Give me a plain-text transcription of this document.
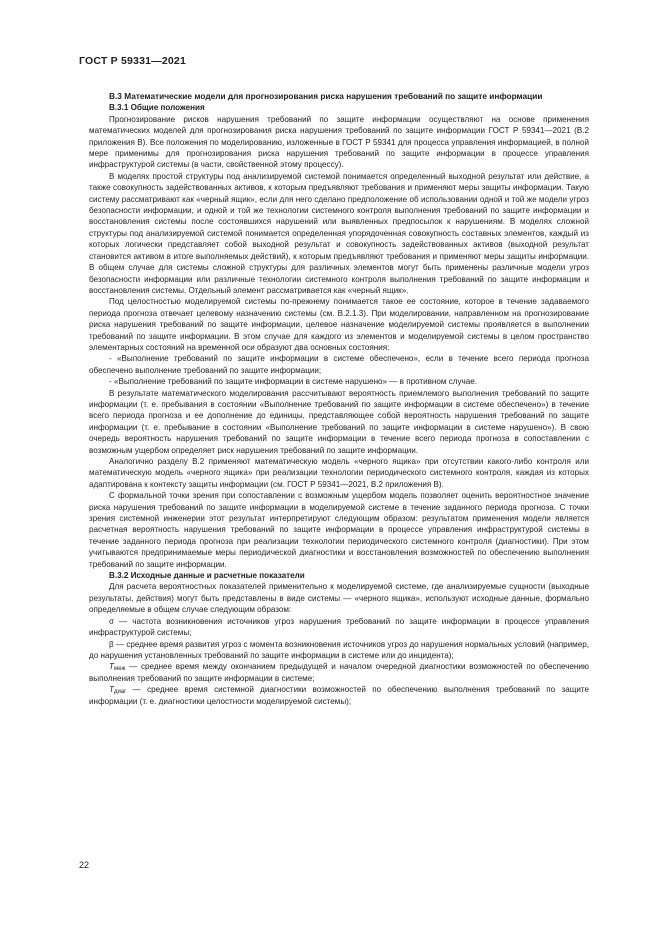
ГОСТ Р 59331—2021
В.3 Математические модели для прогнозирования риска нарушения требований по защите информации
В.3.1 Общие положения

Прогнозирование рисков нарушения требований по защите информации осуществляют на основе применения математических моделей для прогнозирования риска нарушения требований по защите информации ГОСТ Р 59341—2021 (В.2 приложения В). Все положения по моделированию, изложенные в ГОСТ Р 59341 для процесса управления информацией, в полной мере применимы для прогнозирования риска нарушения требований по защите информации в процессе управления инфраструктурой системы (в части, свойственной этому процессу).

В моделях простой структуры под анализируемой системой понимается определенный выходной результат или действие, а также совокупность задействованных активов, к которым предъявляют требования и применяют меры защиты информации. Такую систему рассматривают как «черный ящик», если для него сделано предположение об использовании одной и той же модели угроз безопасности информации, и одной и той же технологии системного контроля выполнения требований по защите информации и восстановления системы после состоявшихся нарушений или выявленных предпосылок к нарушениям. В моделях сложной структуры под анализируемой системой понимается определенная упорядоченная совокупность составных элементов, каждый из которых логически представляет собой выходной результат и совокупность задействованных активов (выходной результат становится активом в итоге выполняемых действий), к которым предъявляют требования и применяют меры защиты информации. В общем случае для системы сложной структуры для различных элементов могут быть применены различные модели угроз безопасности информации или различные технологии системного контроля выполнения требований по защите информации и восстановления системы. Отдельный элемент рассматривается как «черный ящик».

Под целостностью моделируемой системы по-прежнему понимается такое ее состояние, которое в течение задаваемого периода прогноза отвечает целевому назначению системы (см. В.2.1.3). При моделировании, направленном на прогнозирование риска нарушения требований по защите информации, целевое назначение моделируемой системы проявляется в выполнении требований по защите информации. В этом случае для каждого из элементов и моделируемой системы в целом пространство элементарных состояний на временной оси образуют два основных состояния:

- «Выполнение требований по защите информации в системе обеспечено», если в течение всего периода прогноза обеспечено выполнение требований по защите информации;

- «Выполнение требований по защите информации в системе нарушено» — в противном случае.

В результате математического моделирования рассчитывают вероятность приемлемого выполнения требований по защите информации (т. е. пребывания в состоянии «Выполнение требований по защите информации в системе обеспечено») в течение всего периода прогноза и ее дополнение до единицы, представляющее собой вероятность нарушения требований по защите информации (т. е. пребывание в состоянии «Выполнение требований по защите информации в системе нарушено»). В свою очередь вероятность нарушения требований по защите информации в течение всего периода прогноза в сопоставлении с возможным ущербом определяет риск нарушения требований по защите информации.

Аналогично разделу В.2 применяют математическую модель «черного ящика» при отсутствии какого-либо контроля или математическую модель «черного ящика» при реализации технологии периодического системного контроля, каждая из которых адаптирована к контексту защиты информации (см. ГОСТ Р 59341—2021, В.2 приложения В).

С формальной точки зрения при сопоставлении с возможным ущербом модель позволяет оценить вероятностное значение риска нарушения требований по защите информации в моделируемой системе в течение заданного периода прогноза. С точки зрения системной инженерии этот результат интерпретируют следующим образом: результатом применения модели является расчетная вероятность нарушения требований по защите информации в процессе управления инфраструктурой системы в течение заданного периода прогноза при реализации технологии периодического системного контроля (диагностики). При этом учитываются предпринимаемые меры периодической диагностики и восстановления возможностей по обеспечению выполнения требований по защите информации.

В.3.2 Исходные данные и расчетные показатели

Для расчета вероятностных показателей применительно к моделируемой системе, где анализируемые сущности (выходные результаты, действия) могут быть представлены в виде системы — «черного ящика», используют исходные данные, формально определяемые в общем случае следующим образом:

σ — частота возникновения источников угроз нарушения требований по защите информации в процессе управления инфраструктурой системы;

β — среднее время развития угроз с момента возникновения источников угроз до нарушения нормальных условий (например, до нарушения установленных требований по защите информации в системе или до инцидента);

$T_{меж}$ — среднее время между окончанием предыдущей и началом очередной диагностики возможностей по обеспечению выполнения требований по защите информации в системе;

$T_{диаг}$ — среднее время системной диагностики возможностей по обеспечению выполнения требований по защите информации (т. е. диагностики целостности моделируемой системы);

22
